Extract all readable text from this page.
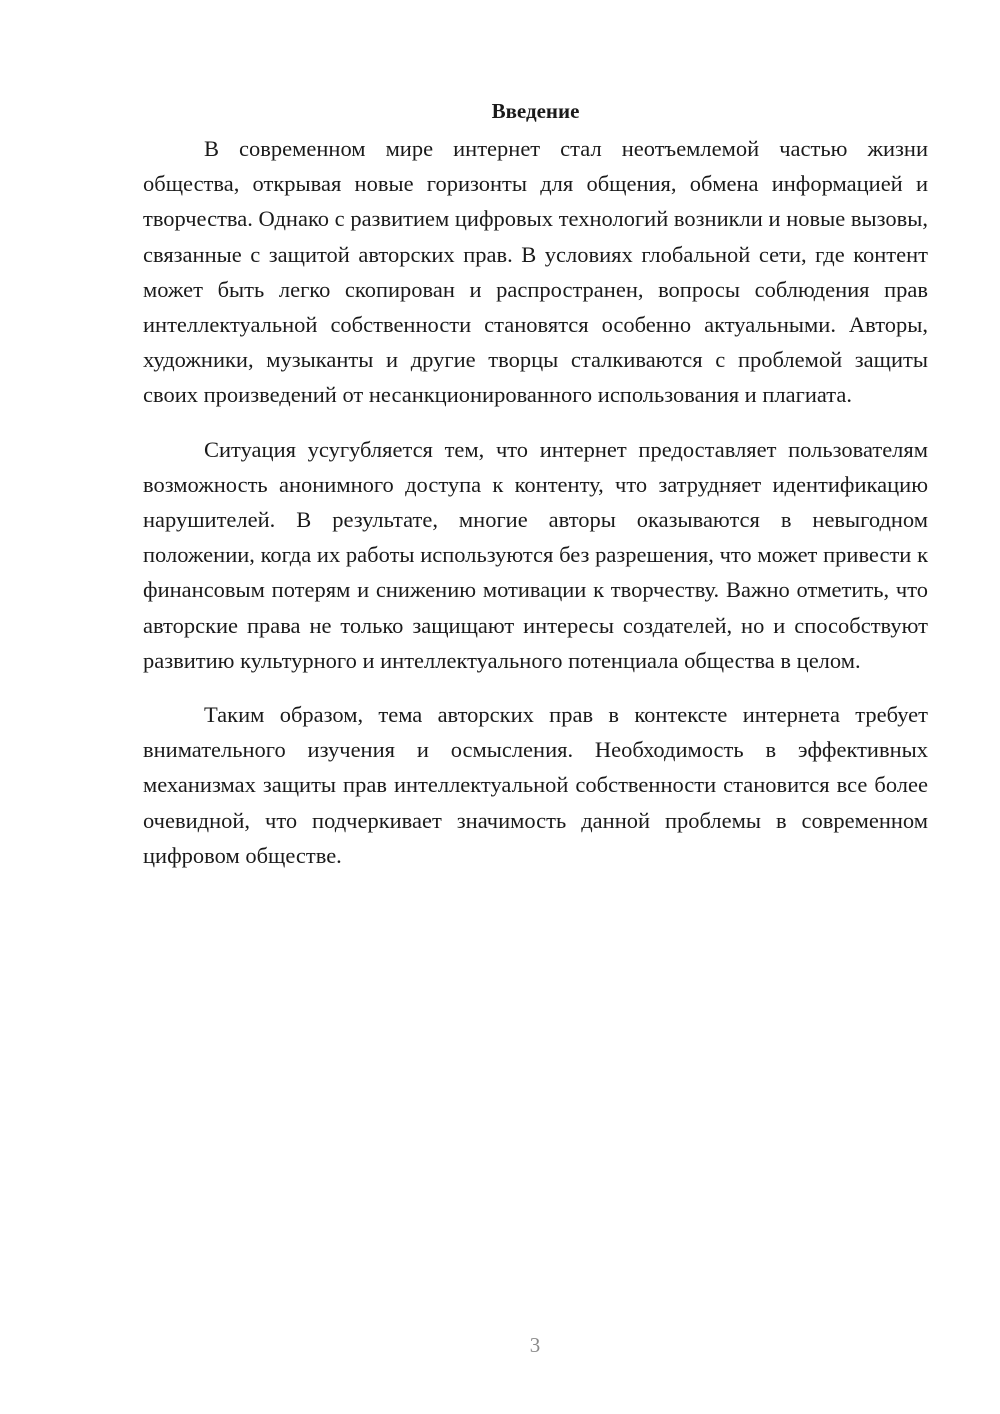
Введение

В современном мире интернет стал неотъемлемой частью жизни общества, открывая новые горизонты для общения, обмена информацией и творчества. Однако с развитием цифровых технологий возникли и новые вызовы, связанные с защитой авторских прав. В условиях глобальной сети, где контент может быть легко скопирован и распространен, вопросы соблюдения прав интеллектуальной собственности становятся особенно актуальными. Авторы, художники, музыканты и другие творцы сталкиваются с проблемой защиты своих произведений от несанкционированного использования и плагиата.

Ситуация усугубляется тем, что интернет предоставляет пользователям возможность анонимного доступа к контенту, что затрудняет идентификацию нарушителей. В результате, многие авторы оказываются в невыгодном положении, когда их работы используются без разрешения, что может привести к финансовым потерям и снижению мотивации к творчеству. Важно отметить, что авторские права не только защищают интересы создателей, но и способствуют развитию культурного и интеллектуального потенциала общества в целом.

Таким образом, тема авторских прав в контексте интернета требует внимательного изучения и осмысления. Необходимость в эффективных механизмах защиты прав интеллектуальной собственности становится все более очевидной, что подчеркивает значимость данной проблемы в современном цифровом обществе.

3
